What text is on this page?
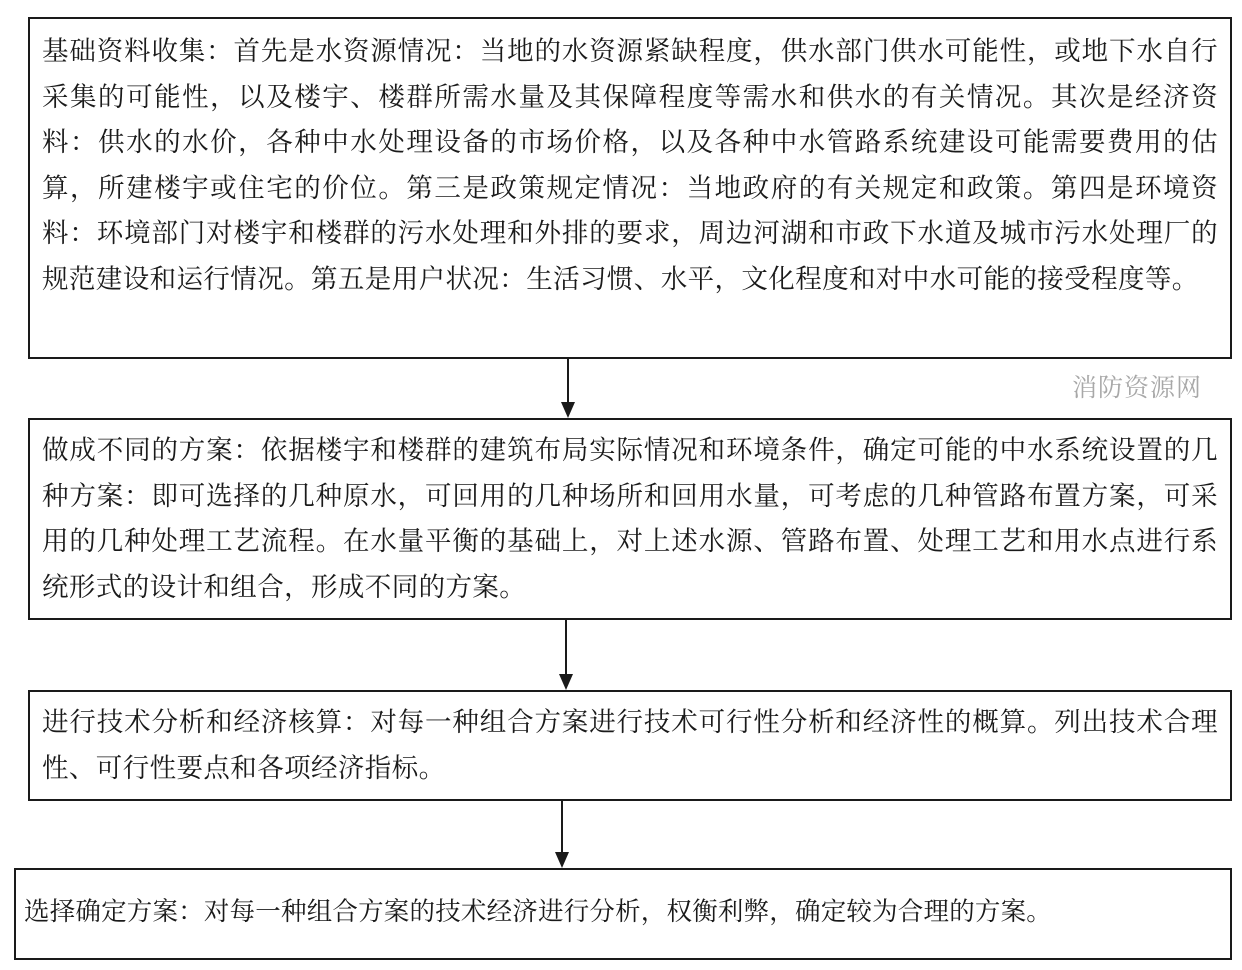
基础资料收集：首先是水资源情况：当地的水资源紧缺程度，供水部门供水可能性，或地下水自行采集的可能性，以及楼宇、楼群所需水量及其保障程度等需水和供水的有关情况。其次是经济资料：供水的水价，各种中水处理设备的市场价格，以及各种中水管路系统建设可能需要费用的估算，所建楼宇或住宅的价位。第三是政策规定情况：当地政府的有关规定和政策。第四是环境资料：环境部门对楼宇和楼群的污水处理和外排的要求，周边河湖和市政下水道及城市污水处理厂的规范建设和运行情况。第五是用户状况：生活习惯、水平，文化程度和对中水可能的接受程度等。
消防资源网
做成不同的方案：依据楼宇和楼群的建筑布局实际情况和环境条件，确定可能的中水系统设置的几种方案：即可选择的几种原水，可回用的几种场所和回用水量，可考虑的几种管路布置方案，可采用的几种处理工艺流程。在水量平衡的基础上，对上述水源、管路布置、处理工艺和用水点进行系统形式的设计和组合，形成不同的方案。
进行技术分析和经济核算：对每一种组合方案进行技术可行性分析和经济性的概算。列出技术合理性、可行性要点和各项经济指标。
选择确定方案：对每一种组合方案的技术经济进行分析，权衡利弊，确定较为合理的方案。
